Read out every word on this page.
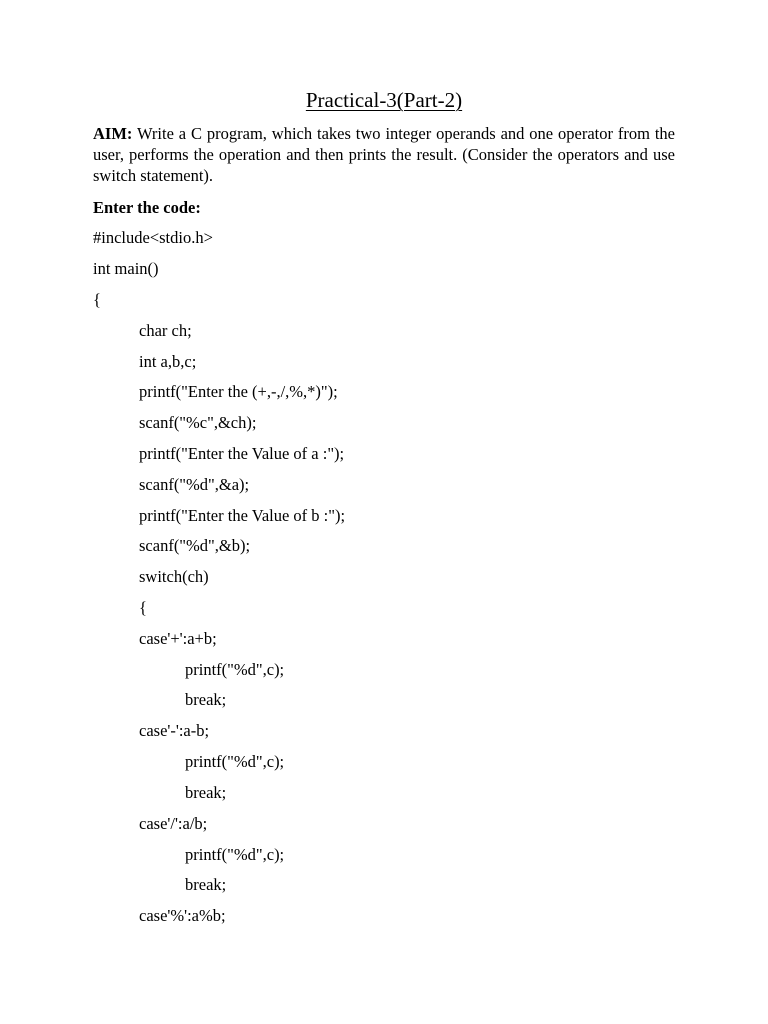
Practical-3(Part-2)
AIM: Write a C program, which takes two integer operands and one operator from the user, performs the operation and then prints the result. (Consider the operators and use switch statement).
Enter the code:
#include<stdio.h>
int main()
{
char ch;
int a,b,c;
printf("Enter the (+,-,/,%,*)");
scanf("%c",&ch);
printf("Enter the Value of a :");
scanf("%d",&a);
printf("Enter the Value of b :");
scanf("%d",&b);
switch(ch)
{
case'+':a+b;
printf("%d",c);
break;
case'-':a-b;
printf("%d",c);
break;
case'/':a/b;
printf("%d",c);
break;
case'%':a%b;
